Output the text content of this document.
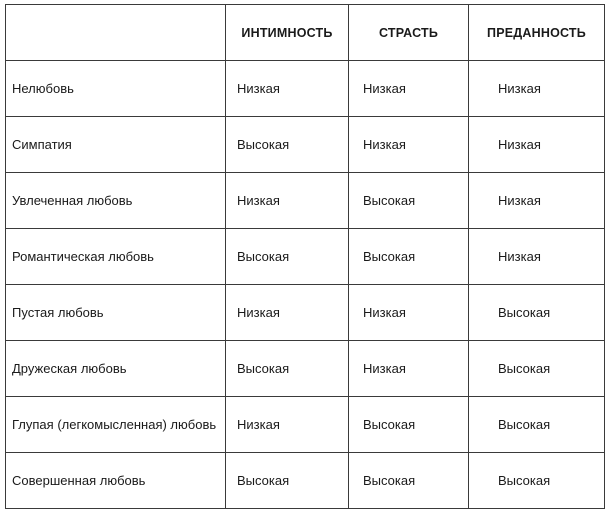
	ИНТИМНОСТЬ	СТРАСТЬ	ПРЕДАННОСТЬ
Нелюбовь	Низкая	Низкая	Низкая
Симпатия	Высокая	Низкая	Низкая
Увлеченная любовь	Низкая	Высокая	Низкая
Романтическая любовь	Высокая	Высокая	Низкая
Пустая любовь	Низкая	Низкая	Высокая
Дружеская любовь	Высокая	Низкая	Высокая
Глупая (легкомысленная) любовь	Низкая	Высокая	Высокая
Совершенная любовь	Высокая	Высокая	Высокая
